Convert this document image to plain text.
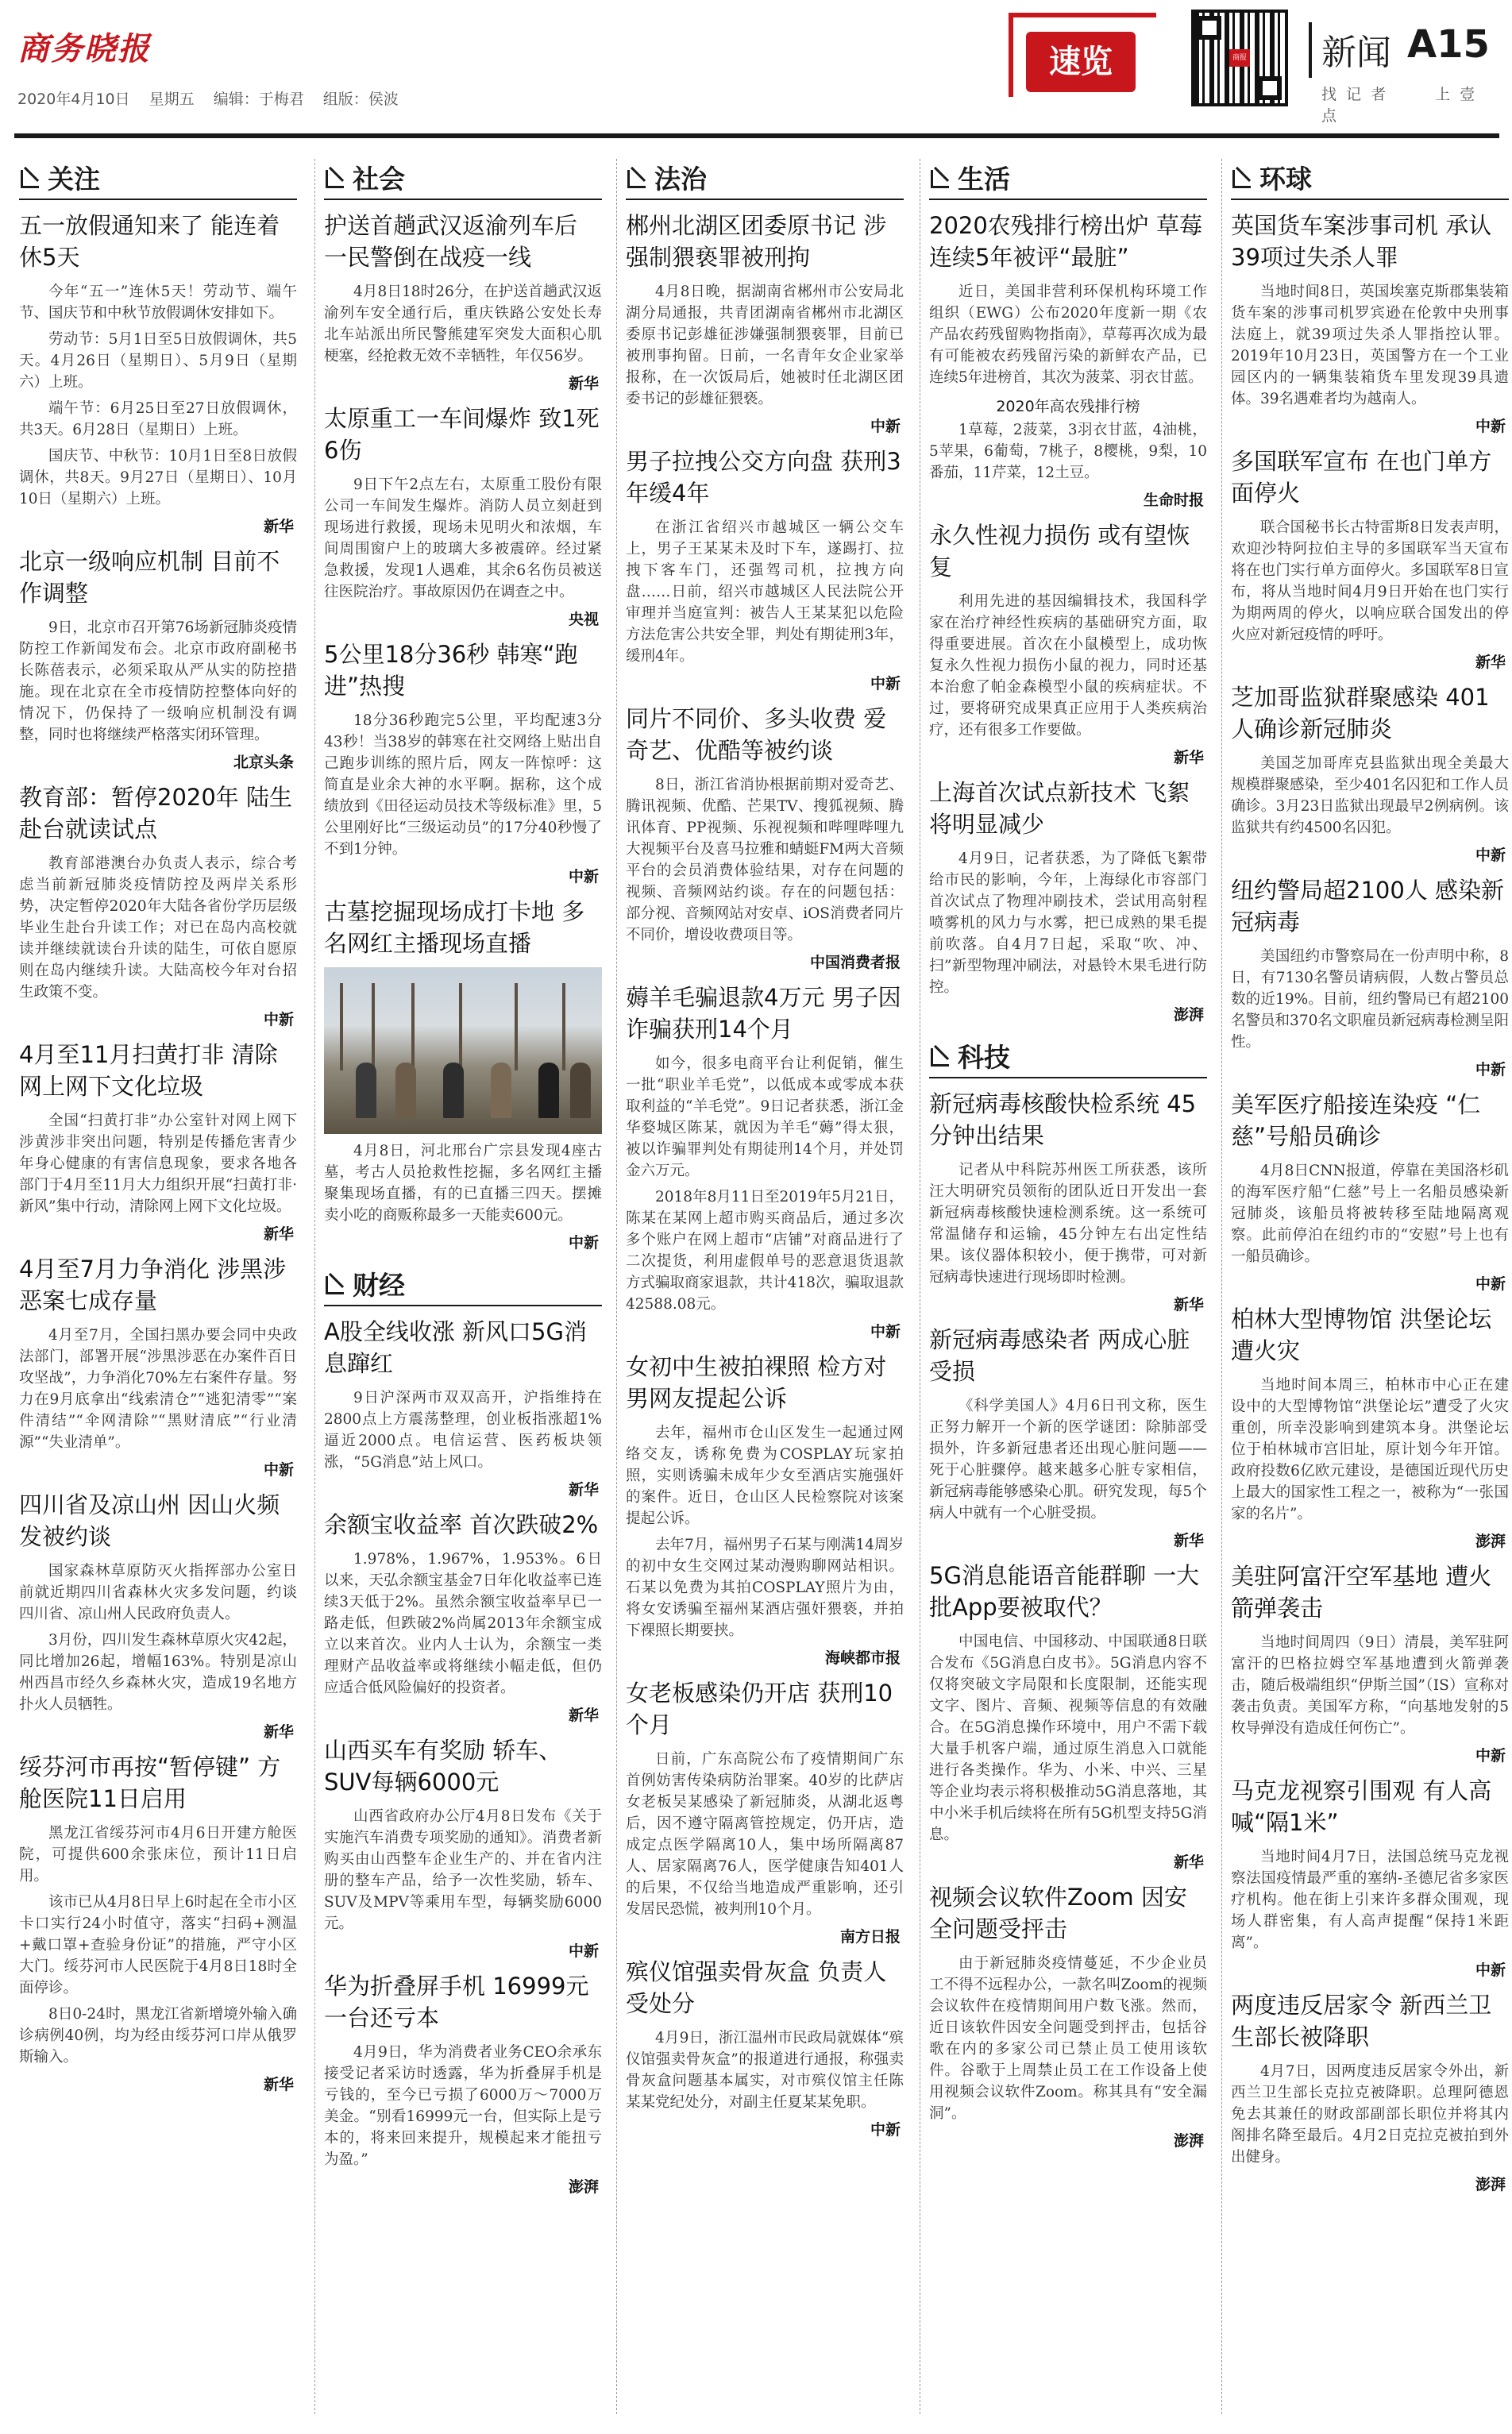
商务晓报
2020年4月10日 星期五 编辑：于梅君 组版：侯波
速览	商报 新闻 A15
找 记 者	上 壹 点
关注
五一放假通知来了 能连着休5天

今年“五一”连休5天！劳动节、端午节、国庆节和中秋节放假调休安排如下。

劳动节：5月1日至5日放假调休，共5天。4月26日（星期日）、5月9日（星期六）上班。

端午节：6月25日至27日放假调休，共3天。6月28日（星期日）上班。

国庆节、中秋节：10月1日至8日放假调休，共8天。9月27日（星期日）、10月10日（星期六）上班。

新华
北京一级响应机制 目前不作调整

9日，北京市召开第76场新冠肺炎疫情防控工作新闻发布会。北京市政府副秘书长陈蓓表示，必须采取从严从实的防控措施。现在北京在全市疫情防控整体向好的情况下，仍保持了一级响应机制没有调整，同时也将继续严格落实闭环管理。

北京头条
教育部：暂停2020年 陆生赴台就读试点

教育部港澳台办负责人表示，综合考虑当前新冠肺炎疫情防控及两岸关系形势，决定暂停2020年大陆各省份学历层级毕业生赴台升读工作；对已在岛内高校就读并继续就读台升读的陆生，可依自愿原则在岛内继续升读。大陆高校今年对台招生政策不变。

中新
4月至11月扫黄打非 清除网上网下文化垃圾

全国“扫黄打非”办公室针对网上网下涉黄涉非突出问题，特别是传播危害青少年身心健康的有害信息现象，要求各地各部门于4月至11月大力组织开展“扫黄打非·新风”集中行动，清除网上网下文化垃圾。

新华
4月至7月力争消化 涉黑涉恶案七成存量

4月至7月，全国扫黑办要会同中央政法部门，部署开展“涉黑涉恶在办案件百日攻坚战”，力争消化70%左右案件存量。努力在9月底拿出“线索清仓”“逃犯清零”“案件清结”“伞网清除”“黑财清底”“行业清源”“失业清单”。

中新
四川省及凉山州 因山火频发被约谈

国家森林草原防灭火指挥部办公室日前就近期四川省森林火灾多发问题，约谈四川省、凉山州人民政府负责人。

3月份，四川发生森林草原火灾42起，同比增加26起，增幅163%。特别是凉山州西昌市经久乡森林火灾，造成19名地方扑火人员牺牲。

新华
绥芬河市再按“暂停键” 方舱医院11日启用

黑龙江省绥芬河市4月6日开建方舱医院，可提供600余张床位，预计11日启用。

该市已从4月8日早上6时起在全市小区卡口实行24小时值守，落实“扫码+测温+戴口罩+查验身份证”的措施，严守小区大门。绥芬河市人民医院于4月8日18时全面停诊。

8日0-24时，黑龙江省新增境外输入确诊病例40例，均为经由绥芬河口岸从俄罗斯输入。

新华
社会
护送首趟武汉返渝列车后 一民警倒在战疫一线

4月8日18时26分，在护送首趟武汉返渝列车安全通行后，重庆铁路公安处长寿北车站派出所民警熊建军突发大面积心肌梗塞，经抢救无效不幸牺牲，年仅56岁。

新华
太原重工一车间爆炸 致1死6伤

9日下午2点左右，太原重工股份有限公司一车间发生爆炸。消防人员立刻赶到现场进行救援，现场未见明火和浓烟，车间周围窗户上的玻璃大多被震碎。经过紧急救援，发现1人遇难，其余6名伤员被送往医院治疗。事故原因仍在调查之中。

央视
5公里18分36秒 韩寒“跑进”热搜

18分36秒跑完5公里，平均配速3分43秒！当38岁的韩寒在社交网络上贴出自己跑步训练的照片后，网友一阵惊呼：这简直是业余大神的水平啊。据称，这个成绩放到《田径运动员技术等级标准》里，5公里刚好比“三级运动员”的17分40秒慢了不到1分钟。

中新
古墓挖掘现场成打卡地 多名网红主播现场直播

4月8日，河北邢台广宗县发现4座古墓，考古人员抢救性挖掘，多名网红主播聚集现场直播，有的已直播三四天。摆摊卖小吃的商贩称最多一天能卖600元。

中新
财经
A股全线收涨 新风口5G消息蹿红

9日沪深两市双双高开，沪指维持在2800点上方震荡整理，创业板指涨超1%逼近2000点。电信运营、医药板块领涨，“5G消息”站上风口。

新华
余额宝收益率 首次跌破2%

1.978%，1.967%，1.953%。6日以来，天弘余额宝基金7日年化收益率已连续3天低于2%。虽然余额宝收益率早已一路走低，但跌破2%尚属2013年余额宝成立以来首次。业内人士认为，余额宝一类理财产品收益率或将继续小幅走低，但仍应适合低风险偏好的投资者。

新华
山西买车有奖励 轿车、SUV每辆6000元

山西省政府办公厅4月8日发布《关于实施汽车消费专项奖励的通知》。消费者新购买由山西整车企业生产的、并在省内注册的整车产品，给予一次性奖励，轿车、SUV及MPV等乘用车型，每辆奖励6000元。

中新
华为折叠屏手机 16999元一台还亏本

4月9日，华为消费者业务CEO余承东接受记者采访时透露，华为折叠屏手机是亏钱的，至今已亏损了6000万～7000万美金。“别看16999元一台，但实际上是亏本的，将来回来提升，规模起来才能扭亏为盈。”

澎湃
法治
郴州北湖区团委原书记 涉强制猥亵罪被刑拘

4月8日晚，据湖南省郴州市公安局北湖分局通报，共青团湖南省郴州市北湖区委原书记彭雄征涉嫌强制猥亵罪，目前已被刑事拘留。日前，一名青年女企业家举报称，在一次饭局后，她被时任北湖区团委书记的彭雄征猥亵。

中新
男子拉拽公交方向盘 获刑3年缓4年

在浙江省绍兴市越城区一辆公交车上，男子王某某未及时下车，遂踢打、拉拽下客车门，还强驾司机，拉拽方向盘……日前，绍兴市越城区人民法院公开审理并当庭宣判：被告人王某某犯以危险方法危害公共安全罪，判处有期徒刑3年，缓刑4年。

中新
同片不同价、多头收费 爱奇艺、优酷等被约谈

8日，浙江省消协根据前期对爱奇艺、腾讯视频、优酷、芒果TV、搜狐视频、腾讯体育、PP视频、乐视视频和哔哩哔哩九大视频平台及喜马拉雅和蜻蜓FM两大音频平台的会员消费体验结果，对存在问题的视频、音频网站约谈。存在的问题包括：部分视、音频网站对安卓、iOS消费者同片不同价，增设收费项目等。

中国消费者报
薅羊毛骗退款4万元 男子因诈骗获刑14个月

如今，很多电商平台让利促销，催生一批“职业羊毛党”，以低成本或零成本获取利益的“羊毛党”。9日记者获悉，浙江金华婺城区陈某，就因为羊毛“薅”得太狠，被以诈骗罪判处有期徒刑14个月，并处罚金六万元。

2018年8月11日至2019年5月21日，陈某在某网上超市购买商品后，通过多次多个账户在网上超市“店铺”对商品进行了二次提货，利用虚假单号的恶意退货退款方式骗取商家退款，共计418次，骗取退款42588.08元。

中新
女初中生被拍裸照 检方对男网友提起公诉

去年，福州市仓山区发生一起通过网络交友，诱称免费为COSPLAY玩家拍照，实则诱骗未成年少女至酒店实施强奸的案件。近日，仓山区人民检察院对该案提起公诉。

去年7月，福州男子石某与刚满14周岁的初中女生交网过某动漫购聊网站相识。石某以免费为其拍COSPLAY照片为由，将女安诱骗至福州某酒店强奸猥亵，并拍下裸照长期要挟。

海峡都市报
女老板感染仍开店 获刑10个月

日前，广东高院公布了疫情期间广东首例妨害传染病防治罪案。40岁的比萨店女老板吴某感染了新冠肺炎，从湖北返粤后，因不遵守隔离管控规定，仍开店，造成定点医学隔离10人，集中场所隔离87人、居家隔离76人，医学健康告知401人的后果，不仅给当地造成严重影响，还引发居民恐慌，被判刑10个月。

南方日报
殡仪馆强卖骨灰盒 负责人受处分

4月9日，浙江温州市民政局就媒体“殡仪馆强卖骨灰盒”的报道进行通报，称强卖骨灰盒问题基本属实，对市殡仪馆主任陈某某党纪处分，对副主任夏某某免职。

中新
生活
2020农残排行榜出炉 草莓连续5年被评“最脏”

近日，美国非营利环保机构环境工作组织（EWG）公布2020年度新一期《农产品农药残留购物指南》，草莓再次成为最有可能被农药残留污染的新鲜农产品，已连续5年进榜首，其次为菠菜、羽衣甘蓝。

2020年高农残排行榜

1草莓，2菠菜，3羽衣甘蓝，4油桃，5苹果，6葡萄，7桃子，8樱桃，9梨，10番茄，11芹菜，12土豆。

生命时报
永久性视力损伤 或有望恢复

利用先进的基因编辑技术，我国科学家在治疗神经性疾病的基础研究方面，取得重要进展。首次在小鼠模型上，成功恢复永久性视力损伤小鼠的视力，同时还基本治愈了帕金森模型小鼠的疾病症状。不过，要将研究成果真正应用于人类疾病治疗，还有很多工作要做。

新华
上海首次试点新技术 飞絮将明显减少

4月9日，记者获悉，为了降低飞絮带给市民的影响，今年，上海绿化市容部门首次试点了物理冲刷技术，尝试用高射程喷雾机的风力与水雾，把已成熟的果毛提前吹落。自4月7日起，采取“吹、冲、扫”新型物理冲刷法，对悬铃木果毛进行防控。

澎湃
科技
新冠病毒核酸快检系统 45分钟出结果

记者从中科院苏州医工所获悉，该所汪大明研究员领衔的团队近日开发出一套新冠病毒核酸快速检测系统。这一系统可常温储存和运输，45分钟左右出定性结果。该仪器体积较小，便于携带，可对新冠病毒快速进行现场即时检测。

新华
新冠病毒感染者 两成心脏受损

《科学美国人》4月6日刊文称，医生正努力解开一个新的医学谜团：除肺部受损外，许多新冠患者还出现心脏问题——死于心脏骤停。越来越多心脏专家相信，新冠病毒能够感染心肌。研究发现，每5个病人中就有一个心脏受损。

新华
5G消息能语音能群聊 一大批App要被取代？

中国电信、中国移动、中国联通8日联合发布《5G消息白皮书》。5G消息内容不仅将突破文字局限和长度限制，还能实现文字、图片、音频、视频等信息的有效融合。在5G消息操作环境中，用户不需下载大量手机客户端，通过原生消息入口就能进行各类操作。华为、小米、中兴、三星等企业均表示将积极推动5G消息落地，其中小米手机后续将在所有5G机型支持5G消息。

新华
视频会议软件Zoom 因安全问题受抨击

由于新冠肺炎疫情蔓延，不少企业员工不得不远程办公，一款名叫Zoom的视频会议软件在疫情期间用户数飞涨。然而，近日该软件因安全问题受到抨击，包括谷歌在内的多家公司已禁止员工使用该软件。谷歌于上周禁止员工在工作设备上使用视频会议软件Zoom。称其具有“安全漏洞”。

澎湃
环球
英国货车案涉事司机 承认39项过失杀人罪

当地时间8日，英国埃塞克斯郡集装箱货车案的涉事司机罗宾逊在伦敦中央刑事法庭上，就39项过失杀人罪指控认罪。2019年10月23日，英国警方在一个工业园区内的一辆集装箱货车里发现39具遗体。39名遇难者均为越南人。

中新
多国联军宣布 在也门单方面停火

联合国秘书长古特雷斯8日发表声明，欢迎沙特阿拉伯主导的多国联军当天宣布将在也门实行单方面停火。多国联军8日宣布，将从当地时间4月9日开始在也门实行为期两周的停火，以响应联合国发出的停火应对新冠疫情的呼吁。

新华
芝加哥监狱群聚感染 401人确诊新冠肺炎

美国芝加哥库克县监狱出现全美最大规模群聚感染，至少401名囚犯和工作人员确诊。3月23日监狱出现最早2例病例。该监狱共有约4500名囚犯。

中新
纽约警局超2100人 感染新冠病毒

美国纽约市警察局在一份声明中称，8日，有7130名警员请病假，人数占警员总数的近19%。目前，纽约警局已有超2100名警员和370名文职雇员新冠病毒检测呈阳性。

中新
美军医疗船接连染疫 “仁慈”号船员确诊

4月8日CNN报道，停靠在美国洛杉矶的海军医疗船“仁慈”号上一名船员感染新冠肺炎，该船员将被转移至陆地隔离观察。此前停泊在纽约市的“安慰”号上也有一船员确诊。

中新
柏林大型博物馆 洪堡论坛遭火灾

当地时间本周三，柏林市中心正在建设中的大型博物馆“洪堡论坛”遭受了火灾重创，所幸没影响到建筑本身。洪堡论坛位于柏林城市宫旧址，原计划今年开馆。政府投数6亿欧元建设，是德国近现代历史上最大的国家性工程之一，被称为“一张国家的名片”。

澎湃
美驻阿富汗空军基地 遭火箭弹袭击

当地时间周四（9日）清晨，美军驻阿富汗的巴格拉姆空军基地遭到火箭弹袭击，随后极端组织“伊斯兰国”（IS）宣称对袭击负责。美国军方称，“向基地发射的5枚导弹没有造成任何伤亡”。

中新
马克龙视察引围观 有人高喊“隔1米”

当地时间4月7日，法国总统马克龙视察法国疫情最严重的塞纳-圣德尼省多家医疗机构。他在街上引来许多群众围观，现场人群密集，有人高声提醒“保持1米距离”。

中新
两度违反居家令 新西兰卫生部长被降职

4月7日，因两度违反居家令外出，新西兰卫生部长克拉克被降职。总理阿德恩免去其兼任的财政部副部长职位并将其内阁排名降至最后。4月2日克拉克被拍到外出健身。

澎湃
